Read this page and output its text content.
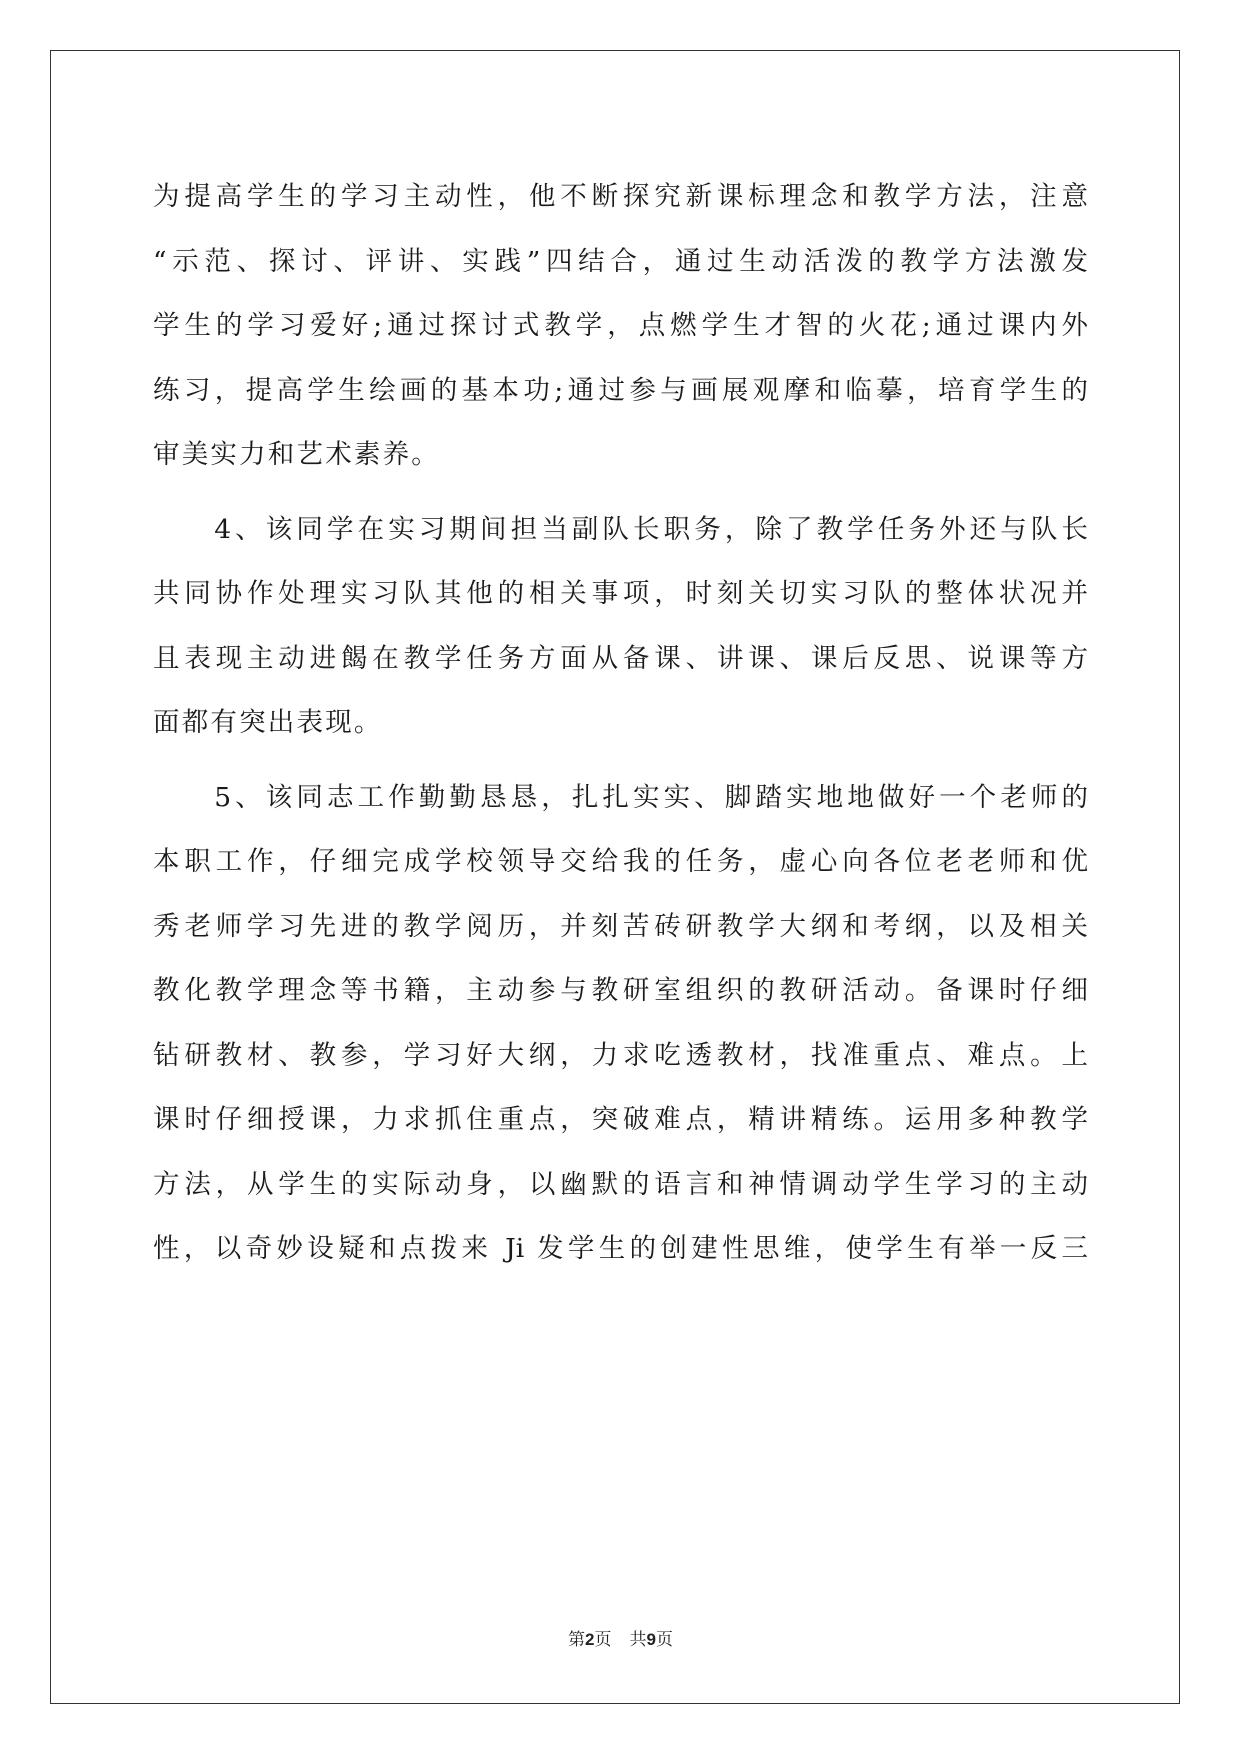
为提高学生的学习主动性，他不断探究新课标理念和教学方法，注意
“示范、探讨、评讲、实践”四结合，通过生动活泼的教学方法激发
学生的学习爱好;通过探讨式教学，点燃学生才智的火花;通过课内外
练习，提高学生绘画的基本功;通过参与画展观摩和临摹，培育学生的
审美实力和艺术素养。
　　4、该同学在实习期间担当副队长职务，除了教学任务外还与队长
共同协作处理实习队其他的相关事项，时刻关切实习队的整体状况并
且表现主动进餲在教学任务方面从备课、讲课、课后反思、说课等方
面都有突出表现。
　　5、该同志工作勤勤恳恳，扎扎实实、脚踏实地地做好一个老师的
本职工作，仔细完成学校领导交给我的任务，虚心向各位老老师和优
秀老师学习先进的教学阅历，并刻苦砖研教学大纲和考纲，以及相关
教化教学理念等书籍，主动参与教研室组织的教研活动。备课时仔细
钻研教材、教参，学习好大纲，力求吃透教材，找准重点、难点。上
课时仔细授课，力求抓住重点，突破难点，精讲精练。运用多种教学
方法，从学生的实际动身，以幽默的语言和神情调动学生学习的主动
性，以奇妙设疑和点拨来 Ji 发学生的创建性思维，使学生有举一反三
第2页 共9页
